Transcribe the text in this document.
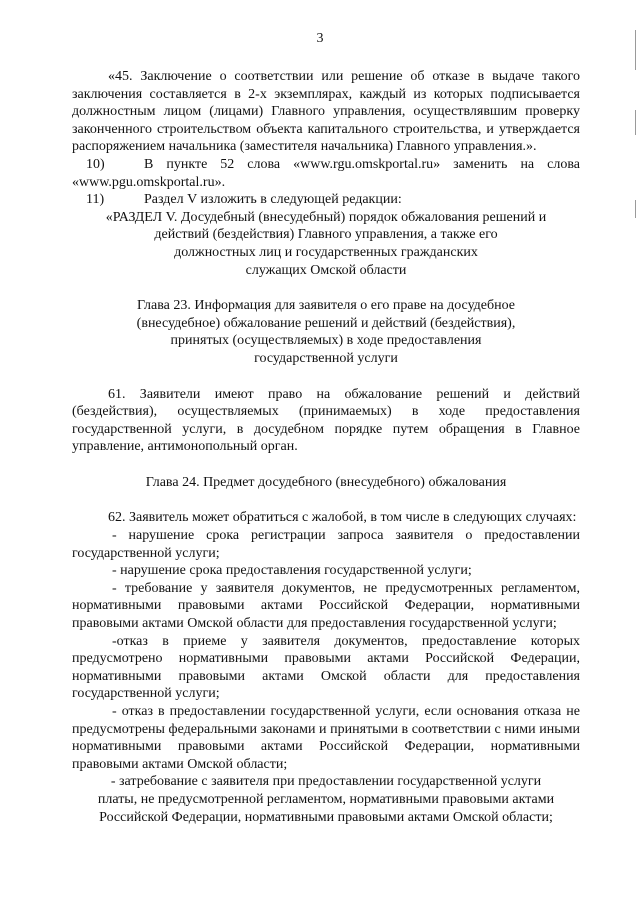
3

«45. Заключение о соответствии или решение об отказе в выдаче такого заключения составляется в 2-х экземплярах, каждый из которых подписывается должностным лицом (лицами) Главного управления, осуществлявшим проверку законченного строительством объекта капитального строительства, и утверждается распоряжением начальника (заместителя начальника) Главного управления.».

10)	В пункте 52 слова «www.rgu.omskportal.ru» заменить на слова

«www.pgu.omskportal.ru».

11)	Раздел V изложить в следующей редакции:

«РАЗДЕЛ V. Досудебный (внесудебный) порядок обжалования решений и

действий (бездействия) Главного управления, а также его

должностных лиц и государственных гражданских

служащих Омской области

Глава 23. Информация для заявителя о его праве на досудебное

(внесудебное) обжалование решений и действий (бездействия),

принятых (осуществляемых) в ходе предоставления

государственной услуги

61. Заявители имеют право на обжалование решений и действий (бездействия), осуществляемых (принимаемых) в ходе предоставления государственной услуги, в досудебном порядке путем обращения в Главное управление, антимонопольный орган.

Глава 24. Предмет досудебного (внесудебного) обжалования

62. Заявитель может обратиться с жалобой, в том числе в следующих случаях:

- нарушение срока регистрации запроса заявителя о предоставлении государственной услуги;

- нарушение срока предоставления государственной услуги;

- требование у заявителя документов, не предусмотренных регламентом, нормативными правовыми актами Российской Федерации, нормативными правовыми актами Омской области для предоставления государственной услуги;

-отказ в приеме у заявителя документов, предоставление которых предусмотрено нормативными правовыми актами Российской Федерации, нормативными правовыми актами Омской области для предоставления государственной услуги;

- отказ в предоставлении государственной услуги, если основания отказа не предусмотрены федеральными законами и принятыми в соответствии с ними иными нормативными правовыми актами Российской Федерации, нормативными правовыми актами Омской области;

- затребование с заявителя при предоставлении государственной услуги

платы, не предусмотренной регламентом, нормативными правовыми актами

Российской Федерации, нормативными правовыми актами Омской области;
